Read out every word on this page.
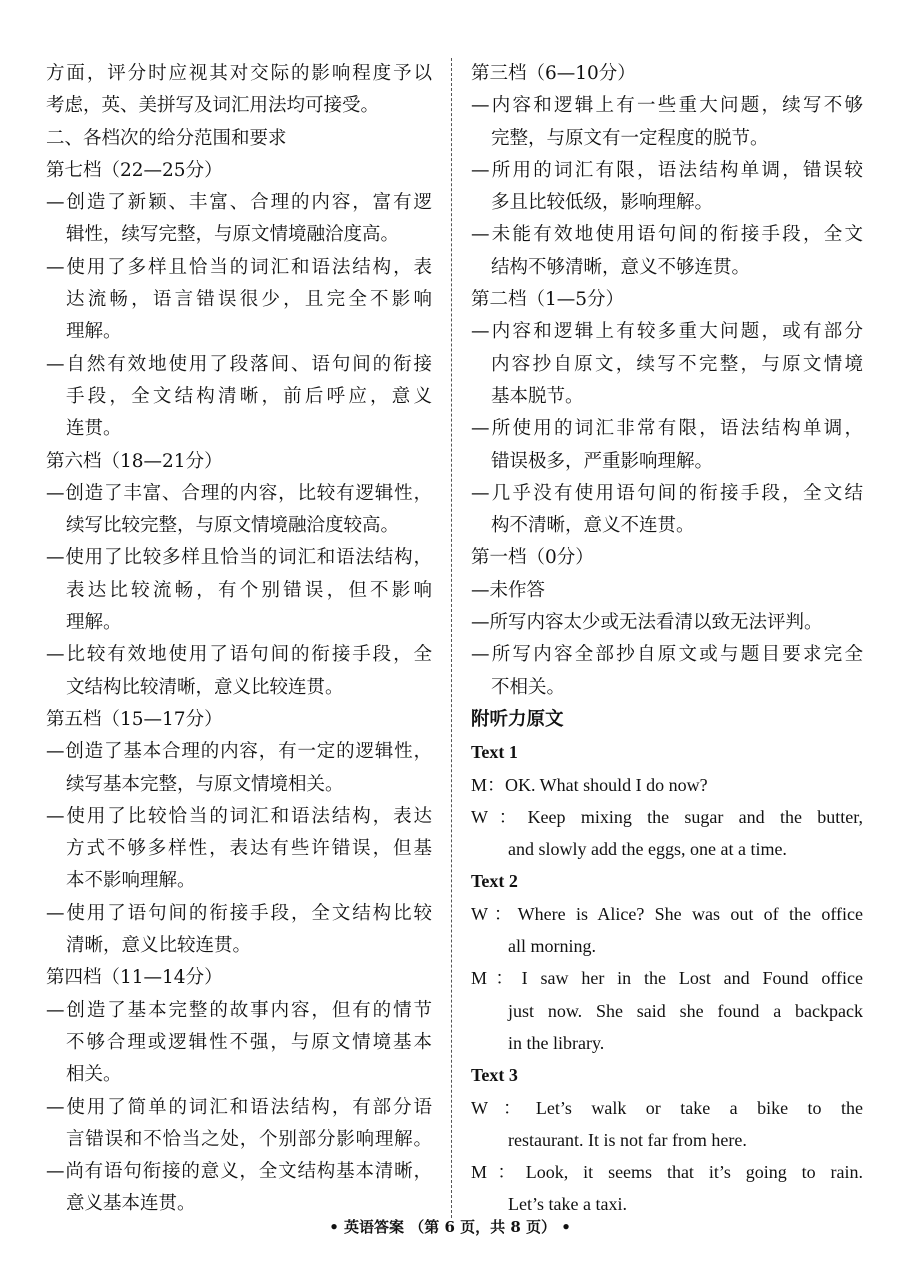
方面，评分时应视其对交际的影响程度予以
考虑，英、美拼写及词汇用法均可接受。
二、各档次的给分范围和要求
第七档（22—25分）
—创造了新颖、丰富、合理的内容，富有逻
辑性，续写完整，与原文情境融洽度高。
—使用了多样且恰当的词汇和语法结构，表
达流畅，语言错误很少，且完全不影响
理解。
—自然有效地使用了段落间、语句间的衔接
手段，全文结构清晰，前后呼应，意义
连贯。
第六档（18—21分）
—创造了丰富、合理的内容，比较有逻辑性，
续写比较完整，与原文情境融洽度较高。
—使用了比较多样且恰当的词汇和语法结构，
表达比较流畅，有个别错误，但不影响
理解。
—比较有效地使用了语句间的衔接手段，全
文结构比较清晰，意义比较连贯。
第五档（15—17分）
—创造了基本合理的内容，有一定的逻辑性，
续写基本完整，与原文情境相关。
—使用了比较恰当的词汇和语法结构，表达
方式不够多样性，表达有些许错误，但基
本不影响理解。
—使用了语句间的衔接手段，全文结构比较
清晰，意义比较连贯。
第四档（11—14分）
—创造了基本完整的故事内容，但有的情节
不够合理或逻辑性不强，与原文情境基本
相关。
—使用了简单的词汇和语法结构，有部分语
言错误和不恰当之处，个别部分影响理解。
—尚有语句衔接的意义，全文结构基本清晰，
意义基本连贯。
第三档（6—10分）
—内容和逻辑上有一些重大问题，续写不够
完整，与原文有一定程度的脱节。
—所用的词汇有限，语法结构单调，错误较
多且比较低级，影响理解。
—未能有效地使用语句间的衔接手段，全文
结构不够清晰，意义不够连贯。
第二档（1—5分）
—内容和逻辑上有较多重大问题，或有部分
内容抄自原文，续写不完整，与原文情境
基本脱节。
—所使用的词汇非常有限，语法结构单调，
错误极多，严重影响理解。
—几乎没有使用语句间的衔接手段，全文结
构不清晰，意义不连贯。
第一档（0分）
—未作答
—所写内容太少或无法看清以致无法评判。
—所写内容全部抄自原文或与题目要求完全
不相关。
附听力原文
Text 1
M：OK. What should I do now?
W：Keep mixing the sugar and the butter,
and slowly add the eggs, one at a time.
Text 2
W：Where is Alice? She was out of the office
all morning.
M：I saw her in the Lost and Found office
just now. She said she found a backpack
in the library.
Text 3
W：Let’s walk or take a bike to the
restaurant. It is not far from here.
M：Look, it seems that it’s going to rain.
Let’s take a taxi.
• 英语答案 （第 6 页，共 8 页） •
